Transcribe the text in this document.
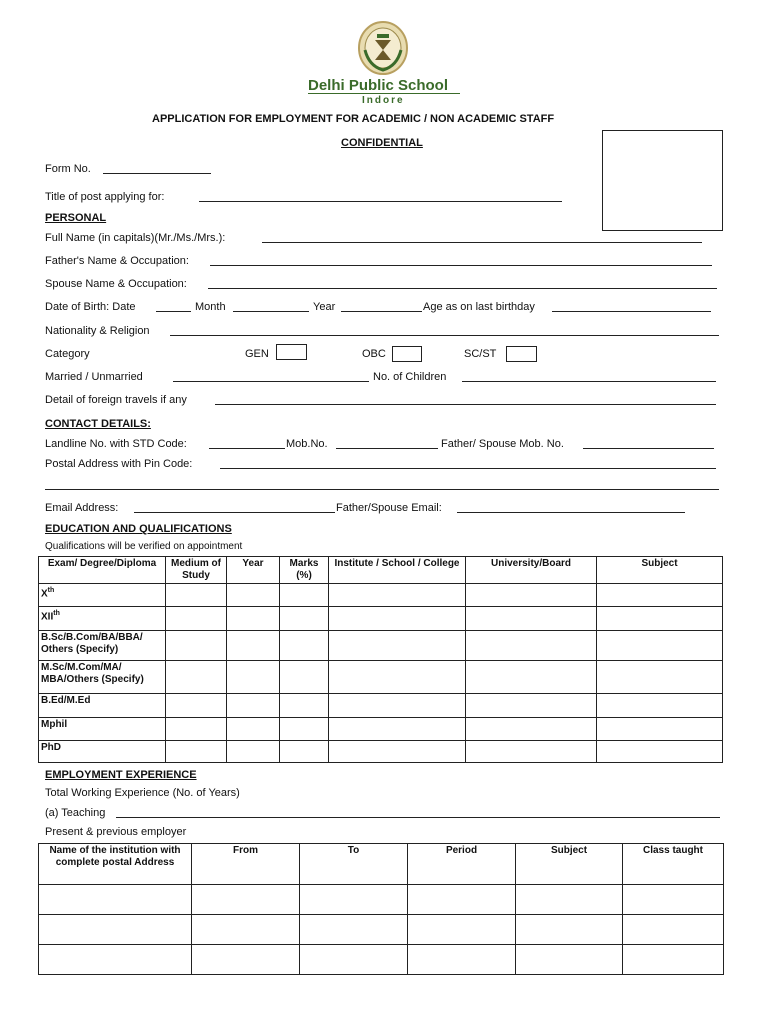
Delhi Public School
Indore
APPLICATION FOR EMPLOYMENT FOR ACADEMIC / NON ACADEMIC STAFF
CONFIDENTIAL
Form No.
Title of post applying for:
PERSONAL
Full Name (in capitals)(Mr./Ms./Mrs.):
Father's Name & Occupation:
Spouse Name & Occupation:
Date of Birth: Date	Month	Year	Age as on last birthday
Nationality & Religion
Category	GEN	OBC	SC/ST
Married / Unmarried	No. of Children
Detail of foreign travels if any
CONTACT DETAILS:
Landline No. with STD Code:	Mob.No.	Father/ Spouse Mob. No.
Postal Address with Pin Code:
Email Address:	Father/Spouse Email:
EDUCATION AND QUALIFICATIONS
Qualifications will be verified on appointment
Exam/ Degree/Diploma	Medium of Study	Year	Marks (%)	Institute / School / College	University/Board	Subject
Xth						
XIIth						
B.Sc/B.Com/BA/BBA/ Others (Specify)						
M.Sc/M.Com/MA/ MBA/Others (Specify)						
B.Ed/M.Ed						
Mphil						
PhD						
EMPLOYMENT EXPERIENCE
Total Working Experience (No. of Years)
(a) Teaching
Present & previous employer
Name of the institution with complete postal Address	From	To	Period	Subject	Class taught
